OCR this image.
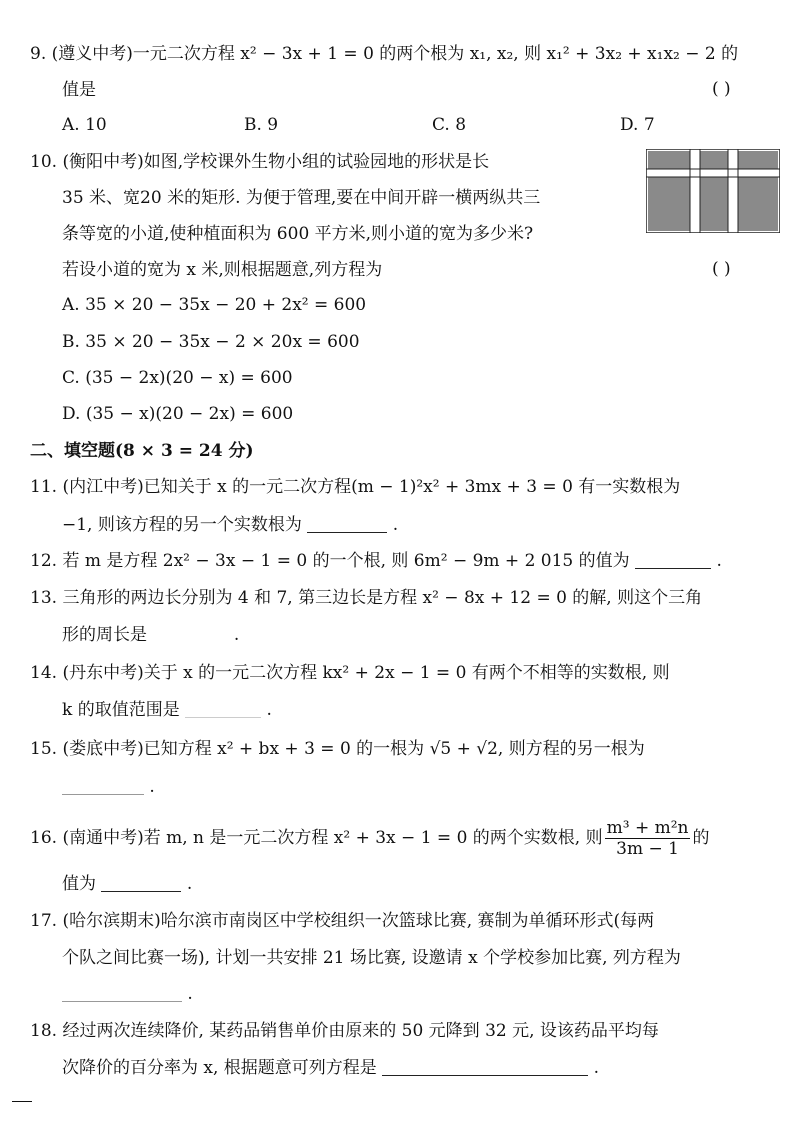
9. (遵义中考)一元二次方程 x² − 3x + 1 = 0 的两个根为 x₁, x₂, 则 x₁² + 3x₂ + x₁x₂ − 2 的
值是	( )
A. 10	B. 9	C. 8	D. 7
10. (衡阳中考)如图,学校课外生物小组的试验园地的形状是长
35 米、宽20 米的矩形. 为便于管理,要在中间开辟一横两纵共三
条等宽的小道,使种植面积为 600 平方米,则小道的宽为多少米?
若设小道的宽为 x 米,则根据题意,列方程为	( )
A. 35 × 20 − 35x − 20 + 2x² = 600
B. 35 × 20 − 35x − 2 × 20x = 600
C. (35 − 2x)(20 − x) = 600
D. (35 − x)(20 − 2x) = 600
二、填空题(8 × 3 = 24 分)
11. (内江中考)已知关于 x 的一元二次方程(m − 1)²x² + 3mx + 3 = 0 有一实数根为
−1, 则该方程的另一个实数根为	.
12. 若 m 是方程 2x² − 3x − 1 = 0 的一个根, 则 6m² − 9m + 2 015 的值为	.
13. 三角形的两边长分别为 4 和 7, 第三边长是方程 x² − 8x + 12 = 0 的解, 则这个三角
形的周长是	.
14. (丹东中考)关于 x 的一元二次方程 kx² + 2x − 1 = 0 有两个不相等的实数根, 则
k 的取值范围是	.
15. (娄底中考)已知方程 x² + bx + 3 = 0 的一根为 √5 + √2, 则方程的另一根为
.
16. (南通中考)若 m, n 是一元二次方程 x² + 3x − 1 = 0 的两个实数根, 则 $\frac{\text{m³ + m²n}}{3m - 1}$ 的
值为	.
17. (哈尔滨期末)哈尔滨市南岗区中学校组织一次篮球比赛, 赛制为单循环形式(每两
个队之间比赛一场), 计划一共安排 21 场比赛, 设邀请 x 个学校参加比赛, 列方程为
.
18. 经过两次连续降价, 某药品销售单价由原来的 50 元降到 32 元, 设该药品平均每
次降价的百分率为 x, 根据题意可列方程是	.
